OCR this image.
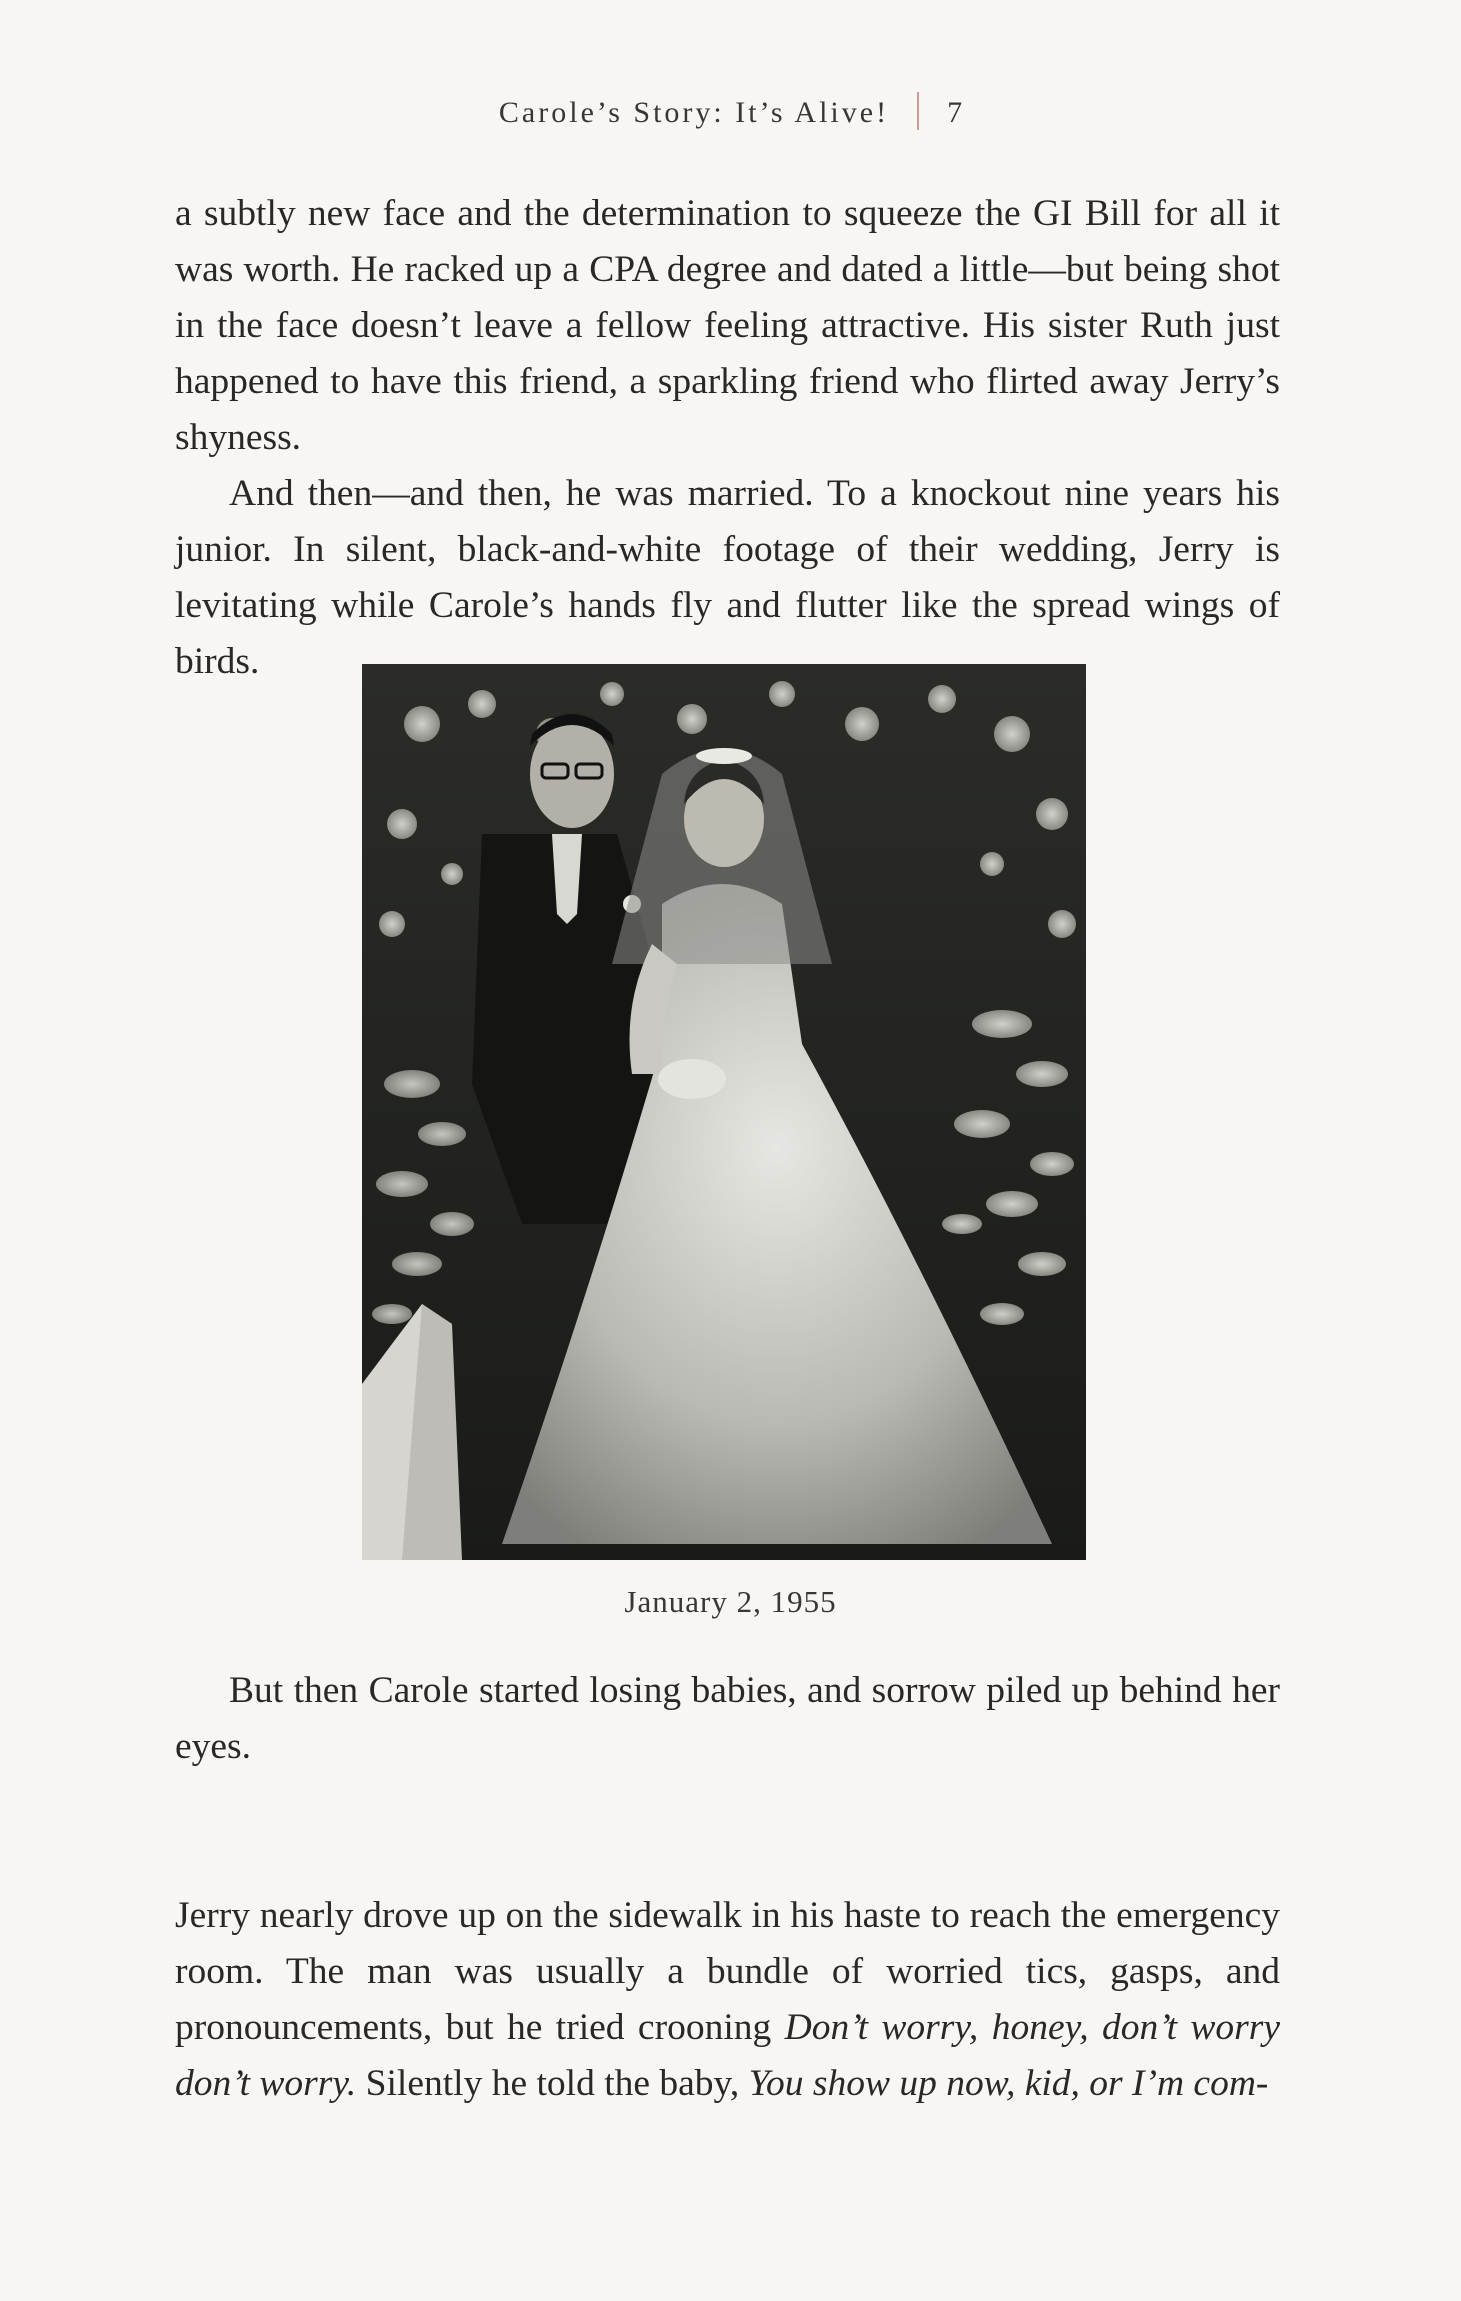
Carole’s Story: It’s Alive! 7

a subtly new face and the determination to squeeze the GI Bill for all it was worth. He racked up a CPA degree and dated a little—but being shot in the face doesn’t leave a fellow feeling attractive. His sister Ruth just happened to have this friend, a sparkling friend who flirted away Jerry’s shyness.

And then—and then, he was married. To a knockout nine years his junior. In silent, black-and-white footage of their wedding, Jerry is levitating while Carole’s hands fly and flutter like the spread wings of birds.

January 2, 1955

But then Carole started losing babies, and sorrow piled up behind her eyes.

Jerry nearly drove up on the sidewalk in his haste to reach the emergency room. The man was usually a bundle of worried tics, gasps, and pronouncements, but he tried crooning Don’t worry, honey, don’t worry don’t worry. Silently he told the baby, You show up now, kid, or I’m com-
